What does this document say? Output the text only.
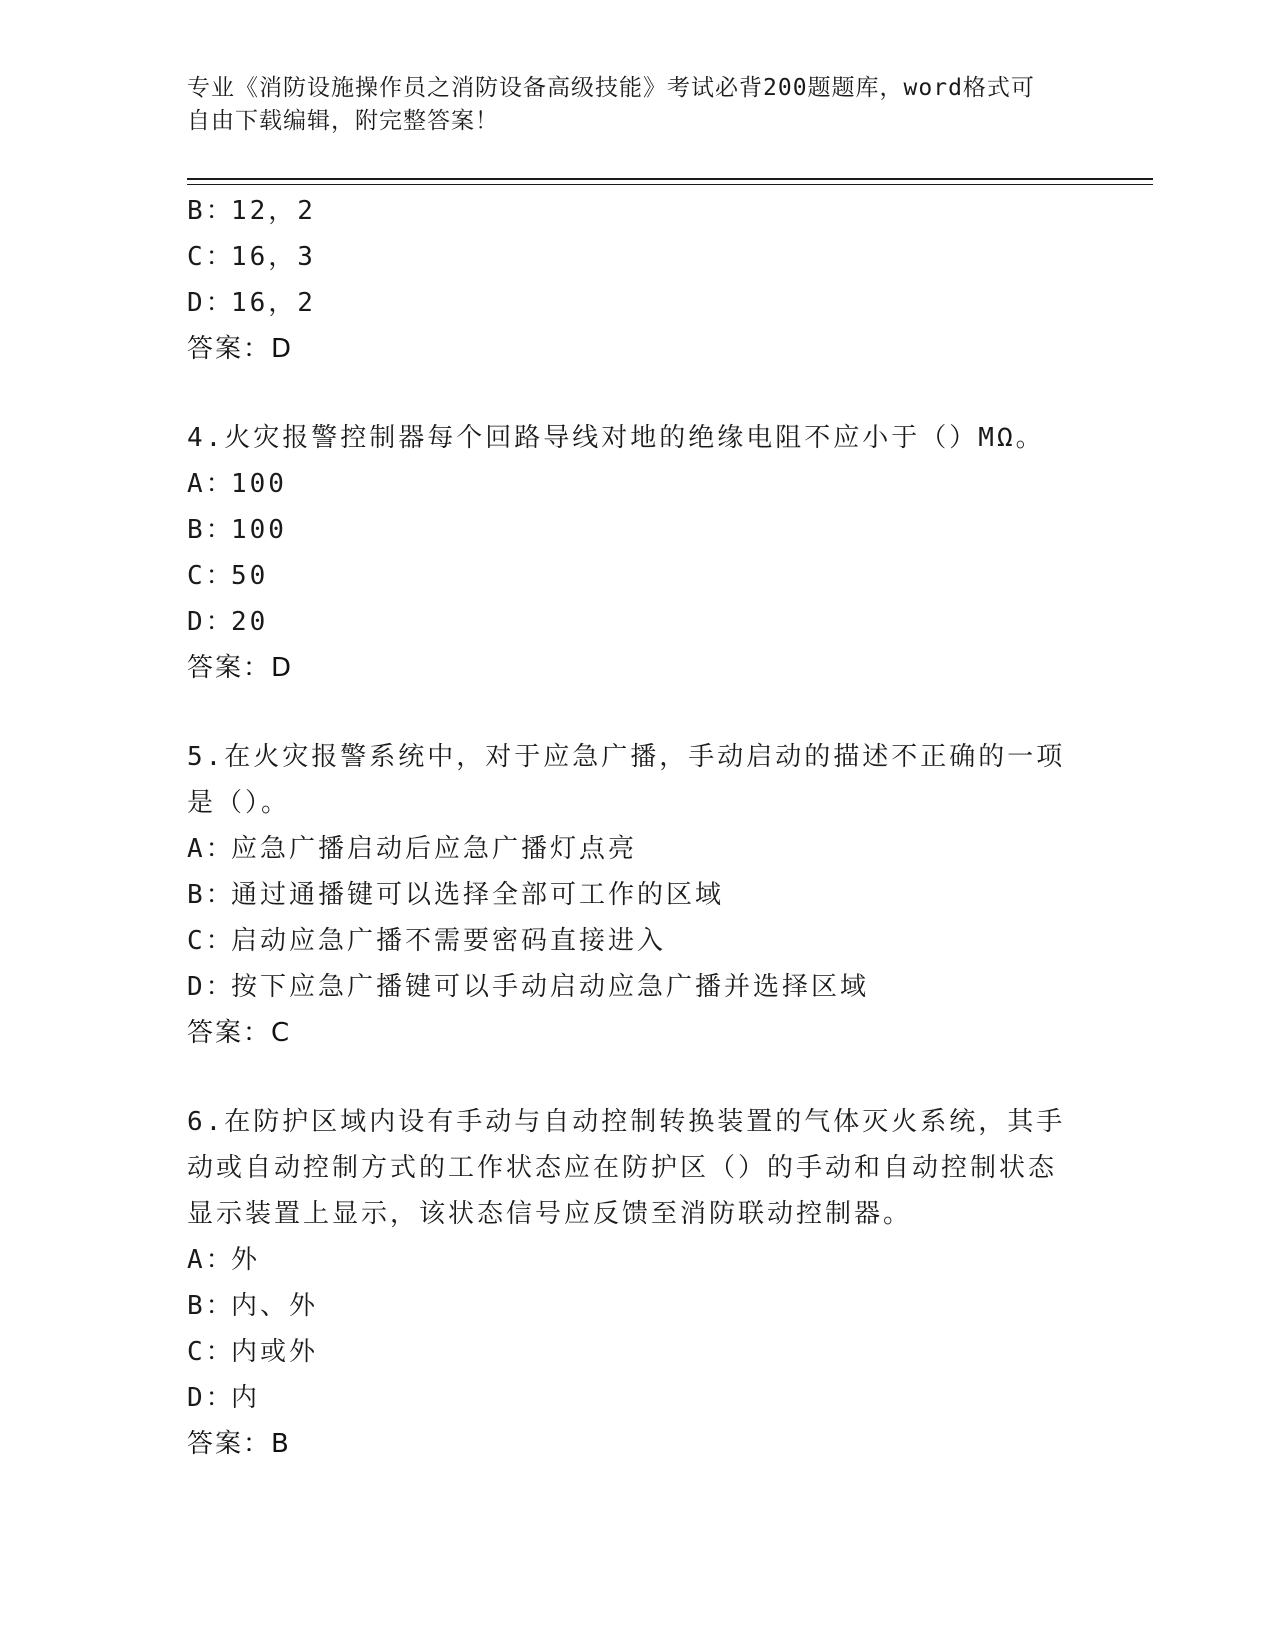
专业《消防设施操作员之消防设备高级技能》考试必背200题题库，word格式可
自由下载编辑，附完整答案！
B：12，2
C：16，3
D：16，2
答案：D
4.火灾报警控制器每个回路导线对地的绝缘电阻不应小于（）MΩ。
A：100
B：100
C：50
D：20
答案：D
5.在火灾报警系统中，对于应急广播，手动启动的描述不正确的一项
是（）。
A：应急广播启动后应急广播灯点亮
B：通过通播键可以选择全部可工作的区域
C：启动应急广播不需要密码直接进入
D：按下应急广播键可以手动启动应急广播并选择区域
答案：C
6.在防护区域内设有手动与自动控制转换装置的气体灭火系统，其手
动或自动控制方式的工作状态应在防护区（）的手动和自动控制状态
显示装置上显示，该状态信号应反馈至消防联动控制器。
A：外
B：内、外
C：内或外
D：内
答案：B
